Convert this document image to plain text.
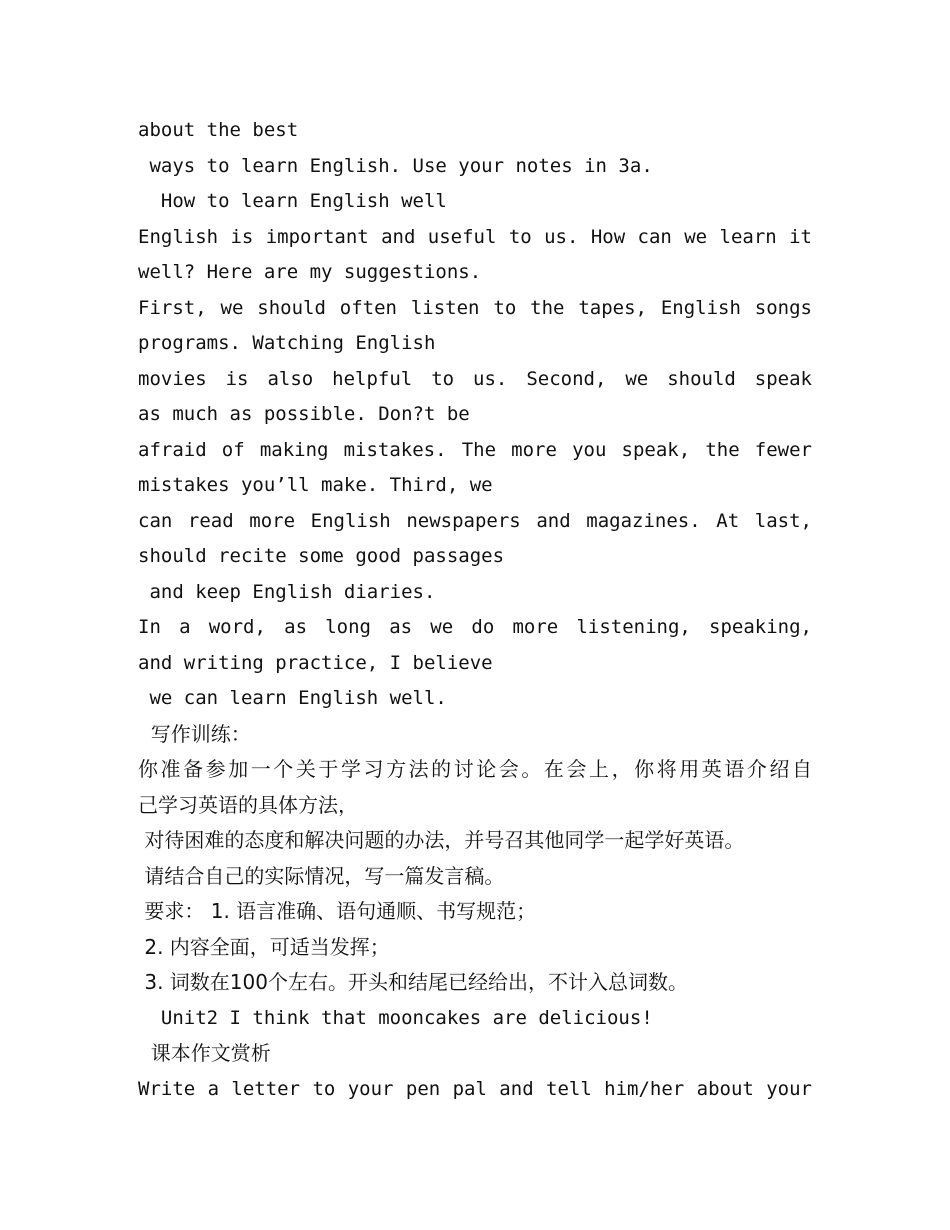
about the best
ways to learn English. Use your notes in 3a.
How to learn English well
English is important and useful to us. How can we learn it
well? Here are my suggestions.
First, we should often listen to the tapes, English songs
programs. Watching English
movies is also helpful to us. Second, we should speak
as much as possible. Don?t be
afraid of making mistakes. The more you speak, the fewer
mistakes you’ll make. Third, we
can read more English newspapers and magazines. At last,
should recite some good passages
and keep English diaries.
In a word, as long as we do more listening, speaking,
and writing practice, I believe
we can learn English well.
写作训练：
你准备参加一个关于学习方法的讨论会。在会上，你将用英语介绍自
己学习英语的具体方法，
对待困难的态度和解决问题的办法，并号召其他同学一起学好英语。
请结合自己的实际情况，写一篇发言稿。
要求： 1. 语言准确、语句通顺、书写规范；
2. 内容全面，可适当发挥；
3. 词数在100个左右。开头和结尾已经给出，不计入总词数。
Unit2 I think that mooncakes are delicious!
课本作文赏析
Write a letter to your pen pal and tell him/her about your
